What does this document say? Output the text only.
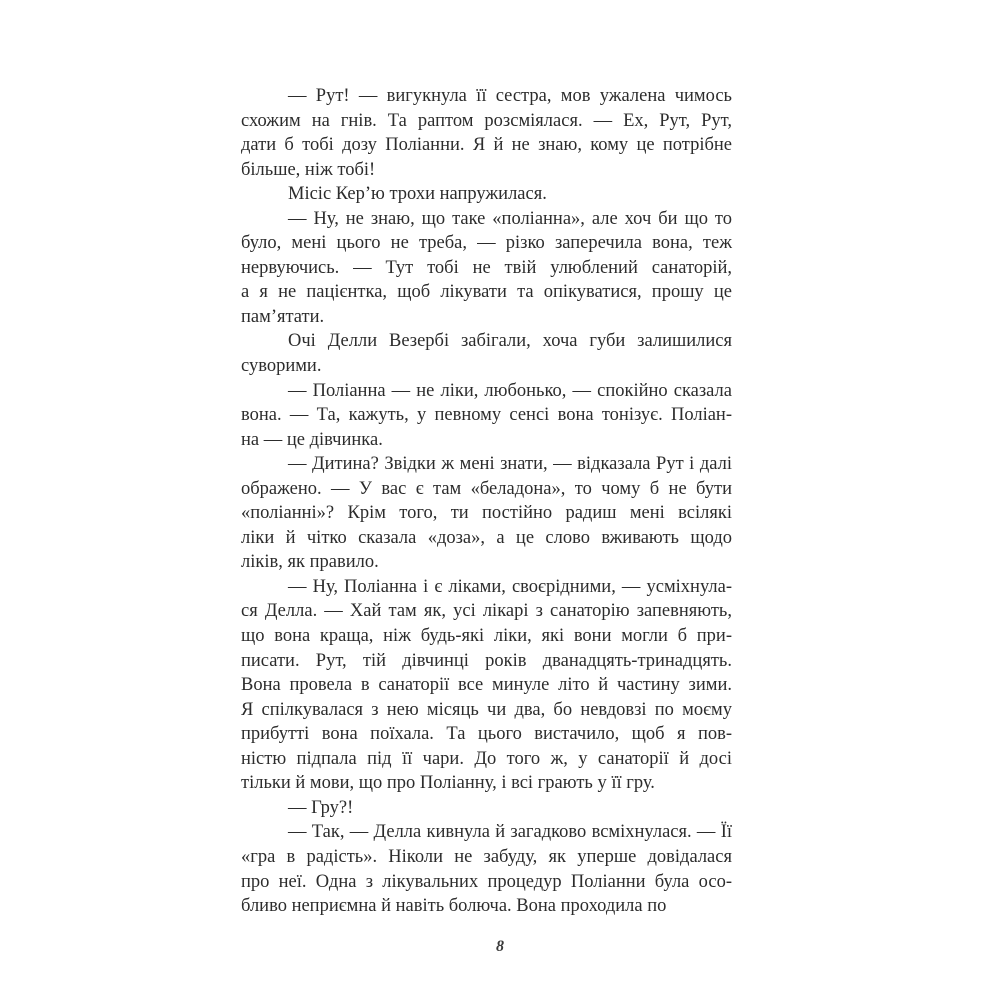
— Рут! — вигукнула її сестра, мов ужалена чимось
схожим на гнів. Та раптом розсміялася. — Ех, Рут, Рут,
дати б тобі дозу Поліанни. Я й не знаю, кому це потрібне
більше, ніж тобі!
Місіс Кер’ю трохи напружилася.
— Ну, не знаю, що таке «поліанна», але хоч би що то
було, мені цього не треба, — різко заперечила вона, теж
нервуючись. — Тут тобі не твій улюблений санаторій,
а я не пацієнтка, щоб лікувати та опікуватися, прошу це
пам’ятати.
Очі Делли Везербі забігали, хоча губи залишилися
суворими.
— Поліанна — не ліки, любонько, — спокійно сказала
вона. — Та, кажуть, у певному сенсі вона тонізує. Поліан-
на — це дівчинка.
— Дитина? Звідки ж мені знати, — відказала Рут і далі
ображено. — У вас є там «беладона», то чому б не бути
«поліанні»? Крім того, ти постійно радиш мені всілякі
ліки й чітко сказала «доза», а це слово вживають щодо
ліків, як правило.
— Ну, Поліанна і є ліками, своєрідними, — усміхнула-
ся Делла. — Хай там як, усі лікарі з санаторію запевняють,
що вона краща, ніж будь-які ліки, які вони могли б при-
писати. Рут, тій дівчинці років дванадцять-тринадцять.
Вона провела в санаторії все минуле літо й частину зими.
Я спілкувалася з нею місяць чи два, бо невдовзі по моєму
прибутті вона поїхала. Та цього вистачило, щоб я пов-
ністю підпала під її чари. До того ж, у санаторії й досі
тільки й мови, що про Поліанну, і всі грають у її гру.
— Гру?!
— Так, — Делла кивнула й загадково всміхнулася. — Її
«гра в радість». Ніколи не забуду, як уперше довідалася
про неї. Одна з лікувальних процедур Поліанни була осо-
бливо неприємна й навіть болюча. Вона проходила по
8
